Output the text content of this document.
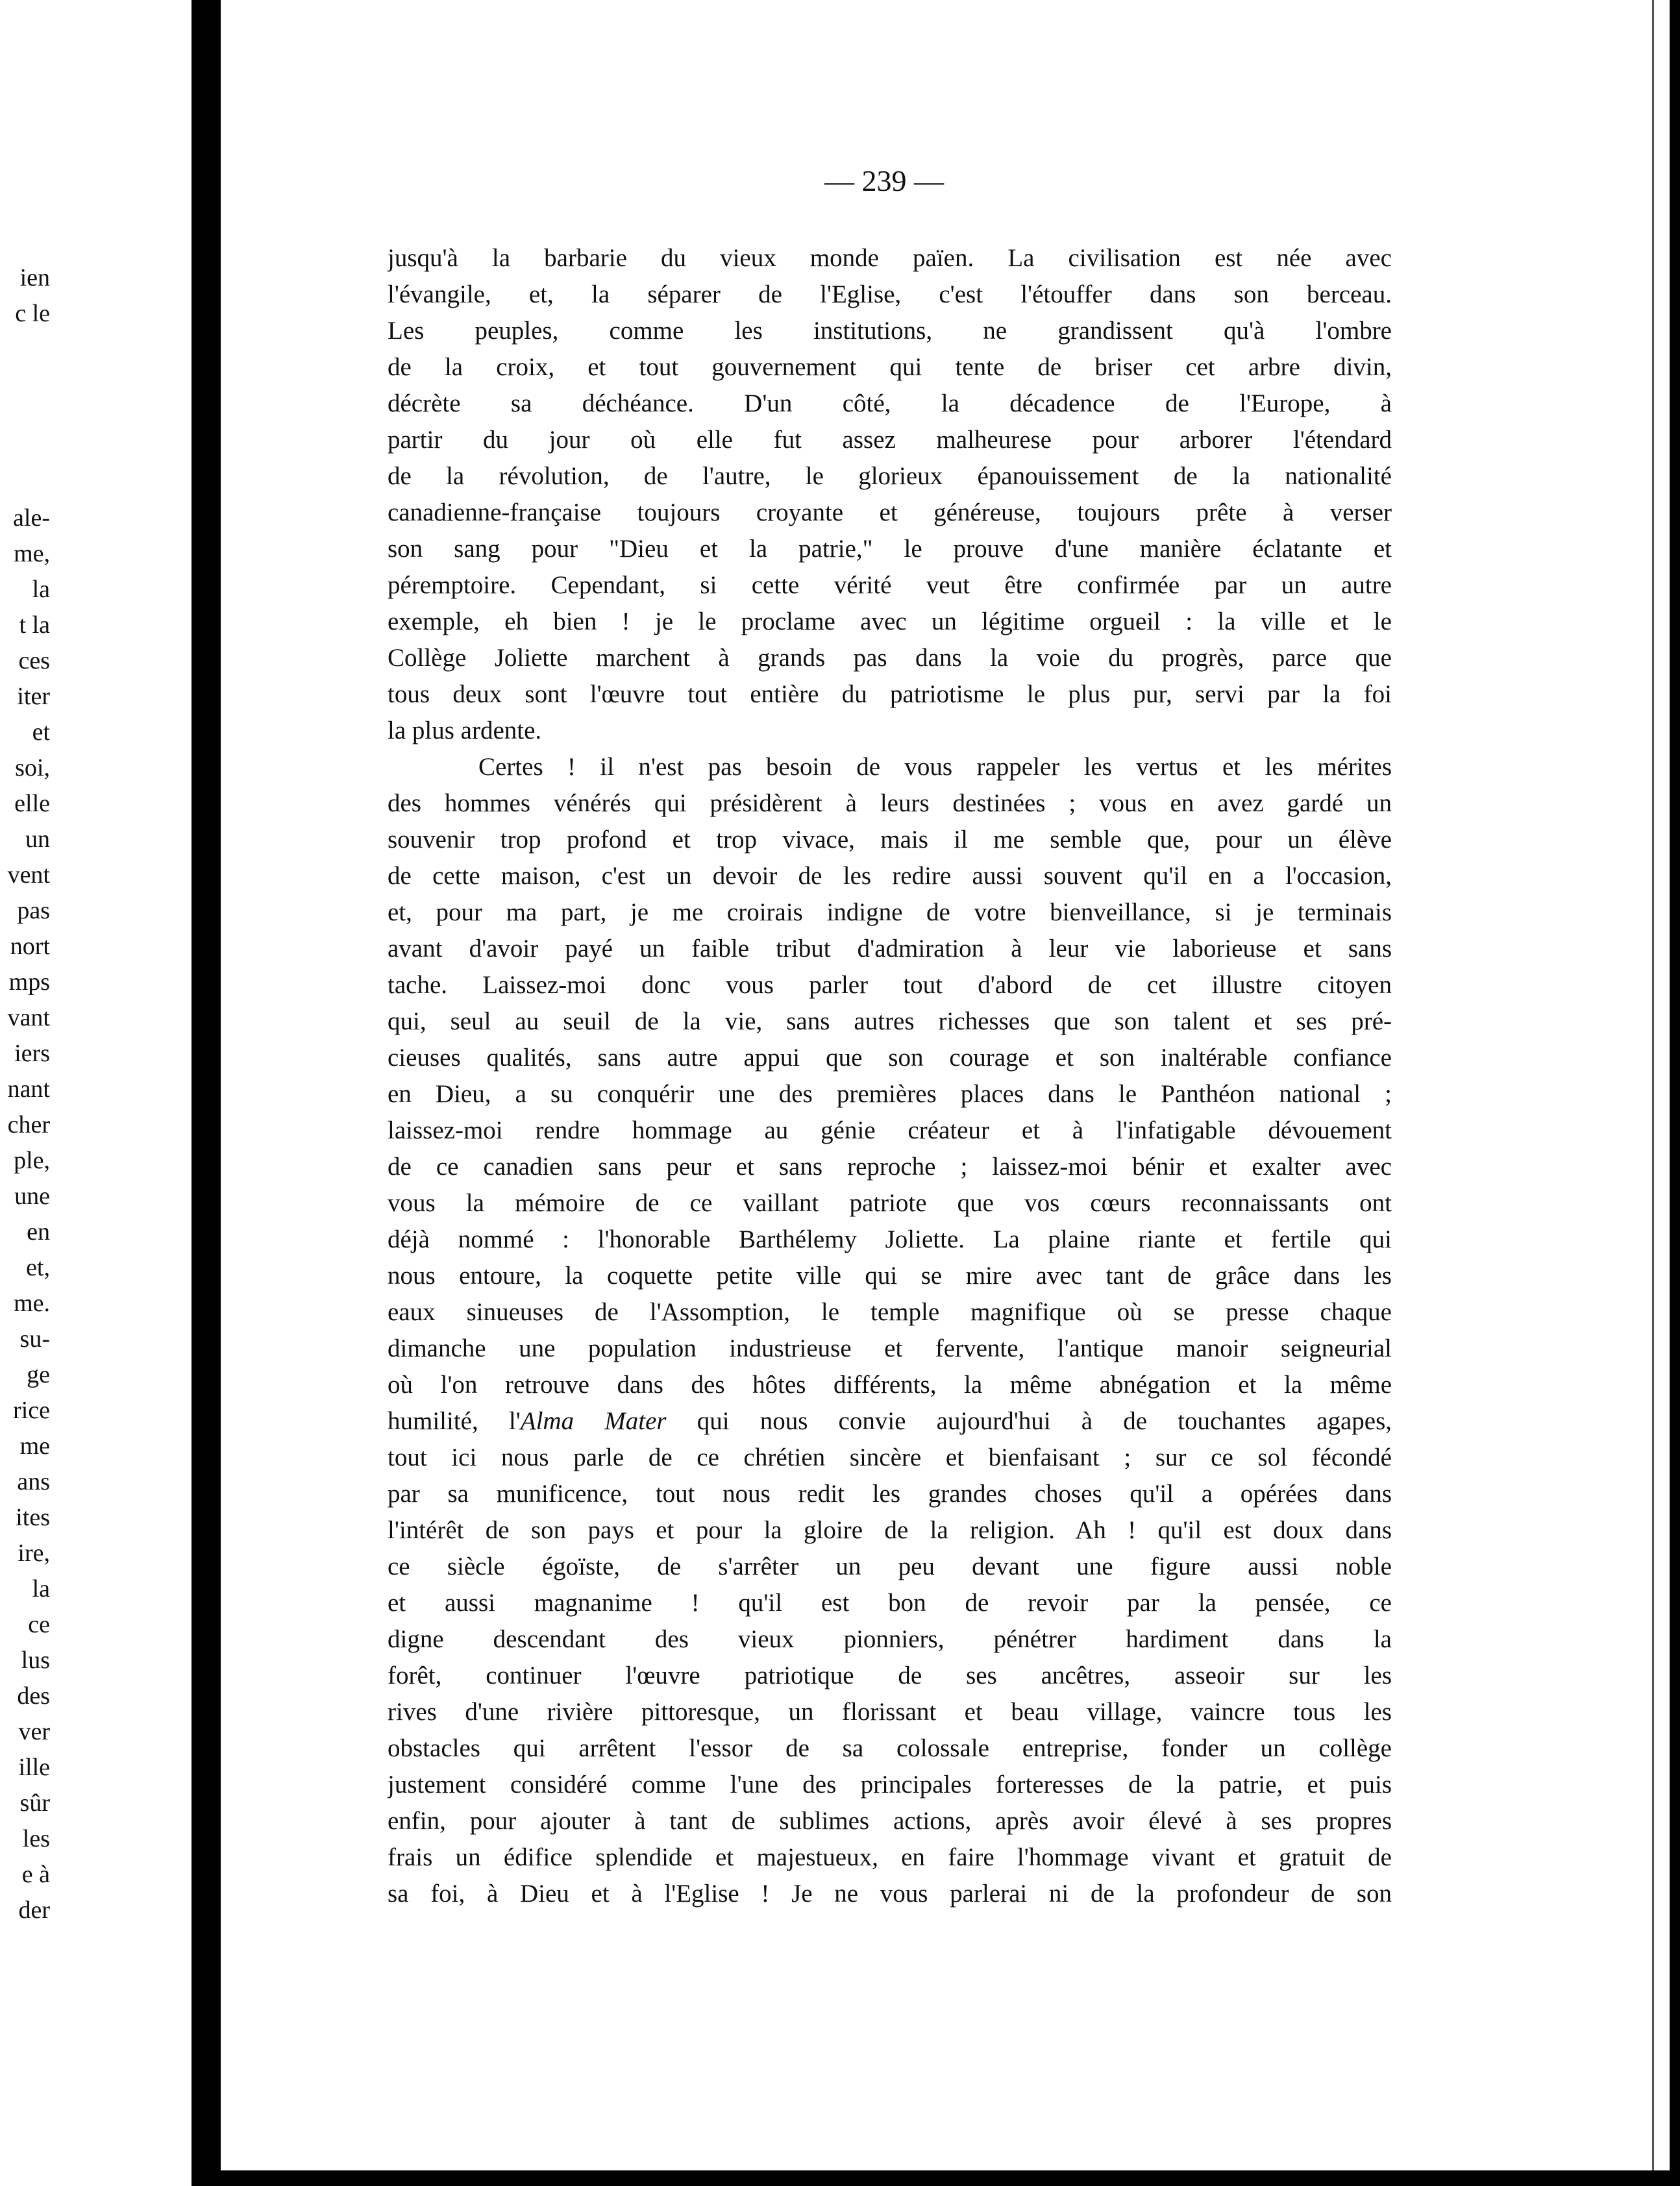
ien
c le
ale-
me,
la
t la
ces
iter
et
soi,
elle
un
vent
pas
nort
mps
vant
iers
nant
cher
ple,
une
en
et,
me.
su-
ge
rice
me
ans
ites
ire,
la
ce
lus
des
ver
ille
sûr
les
e à
der
— 239 —
jusqu'à la barbarie du vieux monde païen. La civilisation est née avec
l'évangile, et, la séparer de l'Eglise, c'est l'étouffer dans son berceau.
Les peuples, comme les institutions, ne grandissent qu'à l'ombre
de la croix, et tout gouvernement qui tente de briser cet arbre divin,
décrète sa déchéance. D'un côté, la décadence de l'Europe, à
partir du jour où elle fut assez malheurese pour arborer l'étendard
de la révolution, de l'autre, le glorieux épanouissement de la nationalité
canadienne-française toujours croyante et généreuse, toujours prête à verser
son sang pour "Dieu et la patrie," le prouve d'une manière éclatante et
péremptoire. Cependant, si cette vérité veut être confirmée par un autre
exemple, eh bien ! je le proclame avec un légitime orgueil : la ville et le
Collège Joliette marchent à grands pas dans la voie du progrès, parce que
tous deux sont l'œuvre tout entière du patriotisme le plus pur, servi par la foi
la plus ardente.
Certes ! il n'est pas besoin de vous rappeler les vertus et les mérites
des hommes vénérés qui présidèrent à leurs destinées ; vous en avez gardé un
souvenir trop profond et trop vivace, mais il me semble que, pour un élève
de cette maison, c'est un devoir de les redire aussi souvent qu'il en a l'occasion,
et, pour ma part, je me croirais indigne de votre bienveillance, si je terminais
avant d'avoir payé un faible tribut d'admiration à leur vie laborieuse et sans
tache. Laissez-moi donc vous parler tout d'abord de cet illustre citoyen
qui, seul au seuil de la vie, sans autres richesses que son talent et ses pré-
cieuses qualités, sans autre appui que son courage et son inaltérable confiance
en Dieu, a su conquérir une des premières places dans le Panthéon national ;
laissez-moi rendre hommage au génie créateur et à l'infatigable dévouement
de ce canadien sans peur et sans reproche ; laissez-moi bénir et exalter avec
vous la mémoire de ce vaillant patriote que vos cœurs reconnaissants ont
déjà nommé : l'honorable Barthélemy Joliette. La plaine riante et fertile qui
nous entoure, la coquette petite ville qui se mire avec tant de grâce dans les
eaux sinueuses de l'Assomption, le temple magnifique où se presse chaque
dimanche une population industrieuse et fervente, l'antique manoir seigneurial
où l'on retrouve dans des hôtes différents, la même abnégation et la même
humilité, l'Alma Mater qui nous convie aujourd'hui à de touchantes agapes,
tout ici nous parle de ce chrétien sincère et bienfaisant ; sur ce sol fécondé
par sa munificence, tout nous redit les grandes choses qu'il a opérées dans
l'intérêt de son pays et pour la gloire de la religion. Ah ! qu'il est doux dans
ce siècle égoïste, de s'arrêter un peu devant une figure aussi noble
et aussi magnanime ! qu'il est bon de revoir par la pensée, ce
digne descendant des vieux pionniers, pénétrer hardiment dans la
forêt, continuer l'œuvre patriotique de ses ancêtres, asseoir sur les
rives d'une rivière pittoresque, un florissant et beau village, vaincre tous les
obstacles qui arrêtent l'essor de sa colossale entreprise, fonder un collège
justement considéré comme l'une des principales forteresses de la patrie, et puis
enfin, pour ajouter à tant de sublimes actions, après avoir élevé à ses propres
frais un édifice splendide et majestueux, en faire l'hommage vivant et gratuit de
sa foi, à Dieu et à l'Eglise ! Je ne vous parlerai ni de la profondeur de son
